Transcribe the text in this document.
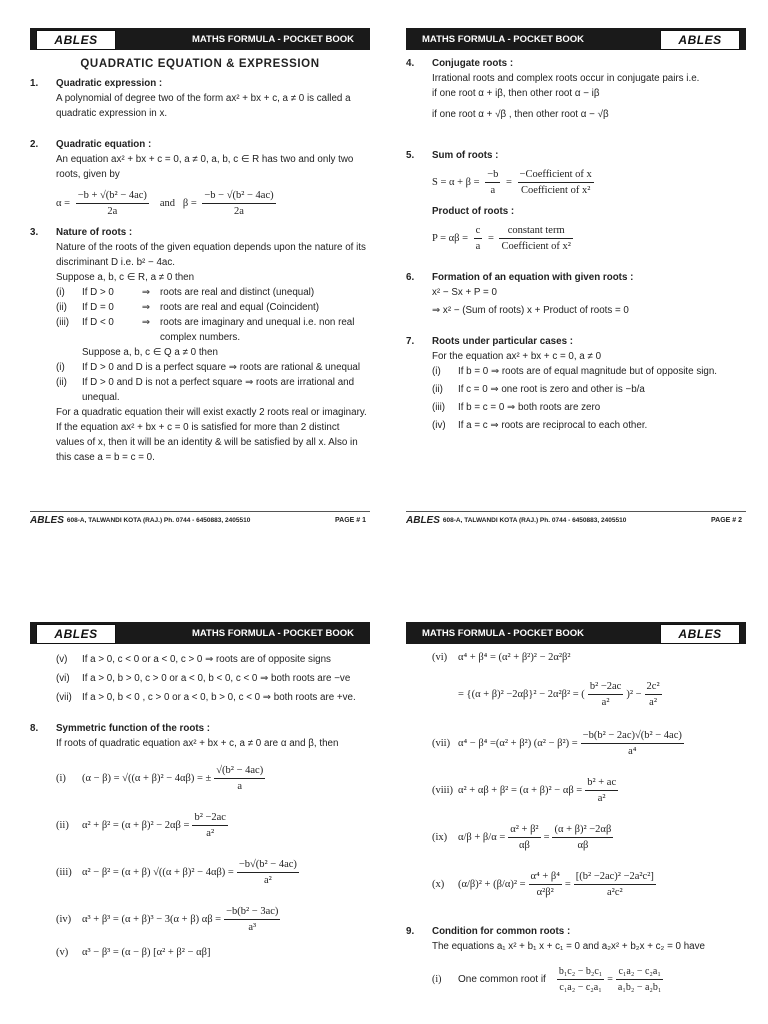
ABLES	MATHS FORMULA - POCKET BOOK
QUADRATIC EQUATION & EXPRESSION
1.	Quadratic expression :
A polynomial of degree two of the form ax² + bx + c, a ≠ 0 is called a quadratic expression in x.
2.	Quadratic equation :
An equation ax² + bx + c = 0, a ≠ 0, a, b, c ∈ R has two and only two roots, given by
$\alpha = \frac{\text{−b + √(b² − 4ac)}}{2a}$ and $\beta = \frac{\text{−b − √(b² − 4ac)}}{2a}$
3.	Nature of roots :
Nature of the roots of the given equation depends upon the nature of its discriminant D i.e. b² − 4ac.
Suppose a, b, c ∈ R, a ≠ 0 then
(i)	If D > 0	⇒	roots are real and distinct (unequal)
(ii)	If D = 0	⇒	roots are real and equal (Coincident)
(iii)	If D < 0	⇒	roots are imaginary and unequal i.e. non real complex numbers.
Suppose a, b, c ∈ Q a ≠ 0 then
(i)	If D > 0 and D is a perfect square ⇒ roots are rational & unequal
(ii)	If D > 0 and D is not a perfect square ⇒ roots are irrational and unequal.
For a quadratic equation their will exist exactly 2 roots real or imaginary. If the equation ax² + bx + c = 0 is satisfied for more than 2 distinct values of x, then it will be an identity & will be satisfied by all x. Also in this case a = b = c = 0.
ABLES 608-A, TALWANDI KOTA (RAJ.) Ph. 0744 - 6450883, 2405510	PAGE # 1
MATHS FORMULA - POCKET BOOK	ABLES
4.	Conjugate roots :
Irrational roots and complex roots occur in conjugate pairs i.e.
if one root α + iβ, then other root α − iβ
if one root α + √β , then other root α − √β
5.	Sum of roots :
$S = \alpha + \beta = \frac{-b}{a} = \frac{\text{−Coefficient of x}}{\text{Coefficient of x²}}$
Product of roots :
$P = \alpha\beta = \frac{c}{a} = \frac{\text{constant term}}{\text{Coefficient of x²}}$
6.	Formation of an equation with given roots :
x² − Sx + P = 0
⇒ x² − (Sum of roots) x + Product of roots = 0
7.	Roots under particular cases :
For the equation ax² + bx + c = 0, a ≠ 0
(i)	If b = 0 ⇒ roots are of equal magnitude but of opposite sign.
(ii)	If c = 0 ⇒ one root is zero and other is −b/a
(iii)	If b = c = 0 ⇒ both roots are zero
(iv)	If a = c ⇒ roots are reciprocal to each other.
ABLES 608-A, TALWANDI KOTA (RAJ.) Ph. 0744 - 6450883, 2405510	PAGE # 2
ABLES	MATHS FORMULA - POCKET BOOK
(v)	If a > 0, c < 0 or a < 0, c > 0 ⇒ roots are of opposite signs
(vi)	If a > 0, b > 0, c > 0 or a < 0, b < 0, c < 0 ⇒ both roots are −ve
(vii)	If a > 0, b < 0 , c > 0 or a < 0, b > 0, c < 0 ⇒ both roots are +ve.
8.	Symmetric function of the roots :
If roots of quadratic equation ax² + bx + c, a ≠ 0 are α and β, then
(i)	(α − β) = √((α + β)² − 4αβ) = ± $\frac{\text{√(b² − 4ac)}}{a}$
(ii)	$\alpha^2 + \beta^2 = (\alpha + \beta)^2 - 2\alpha\beta = \frac{\text{b² −2ac}}{\text{a²}}$
(iii) α² − β² = (α + β) $√((\alpha + \beta)^2 - 4\alpha\beta) = \frac{\text{−b√(b² − 4ac)}}{\text{a²}}$
(iv)	α³ + β³ = (α + β)³ − 3(α + β) $\alpha\beta = \frac{\text{−b(b² − 3ac)}}{\text{a³}}$
(v)	α³ − β³ = (α − β) [α² + β² − αβ]
MATHS FORMULA - POCKET BOOK	ABLES
(vi)	α⁴ + β⁴ = (α² + β²)² − 2α²β²
= {(α + β)² −2αβ}² − 2α²β² = ( $\frac{\text{b² −2ac}}{\text{a²}} )^2 - \frac{\text{2c²}}{\text{a²}}$
(vii) α⁴ − β⁴ =(α² + β²) $(\alpha^2 - \beta^2) = \frac{\text{−b(b² − 2ac)√(b² − 4ac)}}{\text{a⁴}}$
(viii) $\alpha^2 + \alpha\beta + \beta^2 = (\alpha + \beta)^2 - \alpha\beta = \frac{\text{b² + ac}}{\text{a²}}$
(ix)	$\alpha/\beta + \beta/\alpha = \frac{\text{α² + β²}}{\alpha\beta} = \frac{\text{(α + β)² −2αβ}}{\alpha\beta}$
(x)	$(\alpha/\beta)^2 + (\beta/\alpha)^2 = \frac{\text{α⁴ + β⁴}}{\text{α²β²}} = \frac{\text{[(b² −2ac)² −2a²c²]}}{\text{a²c²}}$
9.	Condition for common roots :
The equations a₁ x² + b₁ x + c₁ = 0 and a₂x² + b₂x + c₂ = 0 have
(i)	One common root if $\frac{\text{b₁c₂ − b₂c₁}}{\text{c₁a₂ − c₂a₁}} = \frac{\text{c₁a₂ − c₂a₁}}{\text{a₁b₂ − a₂b₁}}$
